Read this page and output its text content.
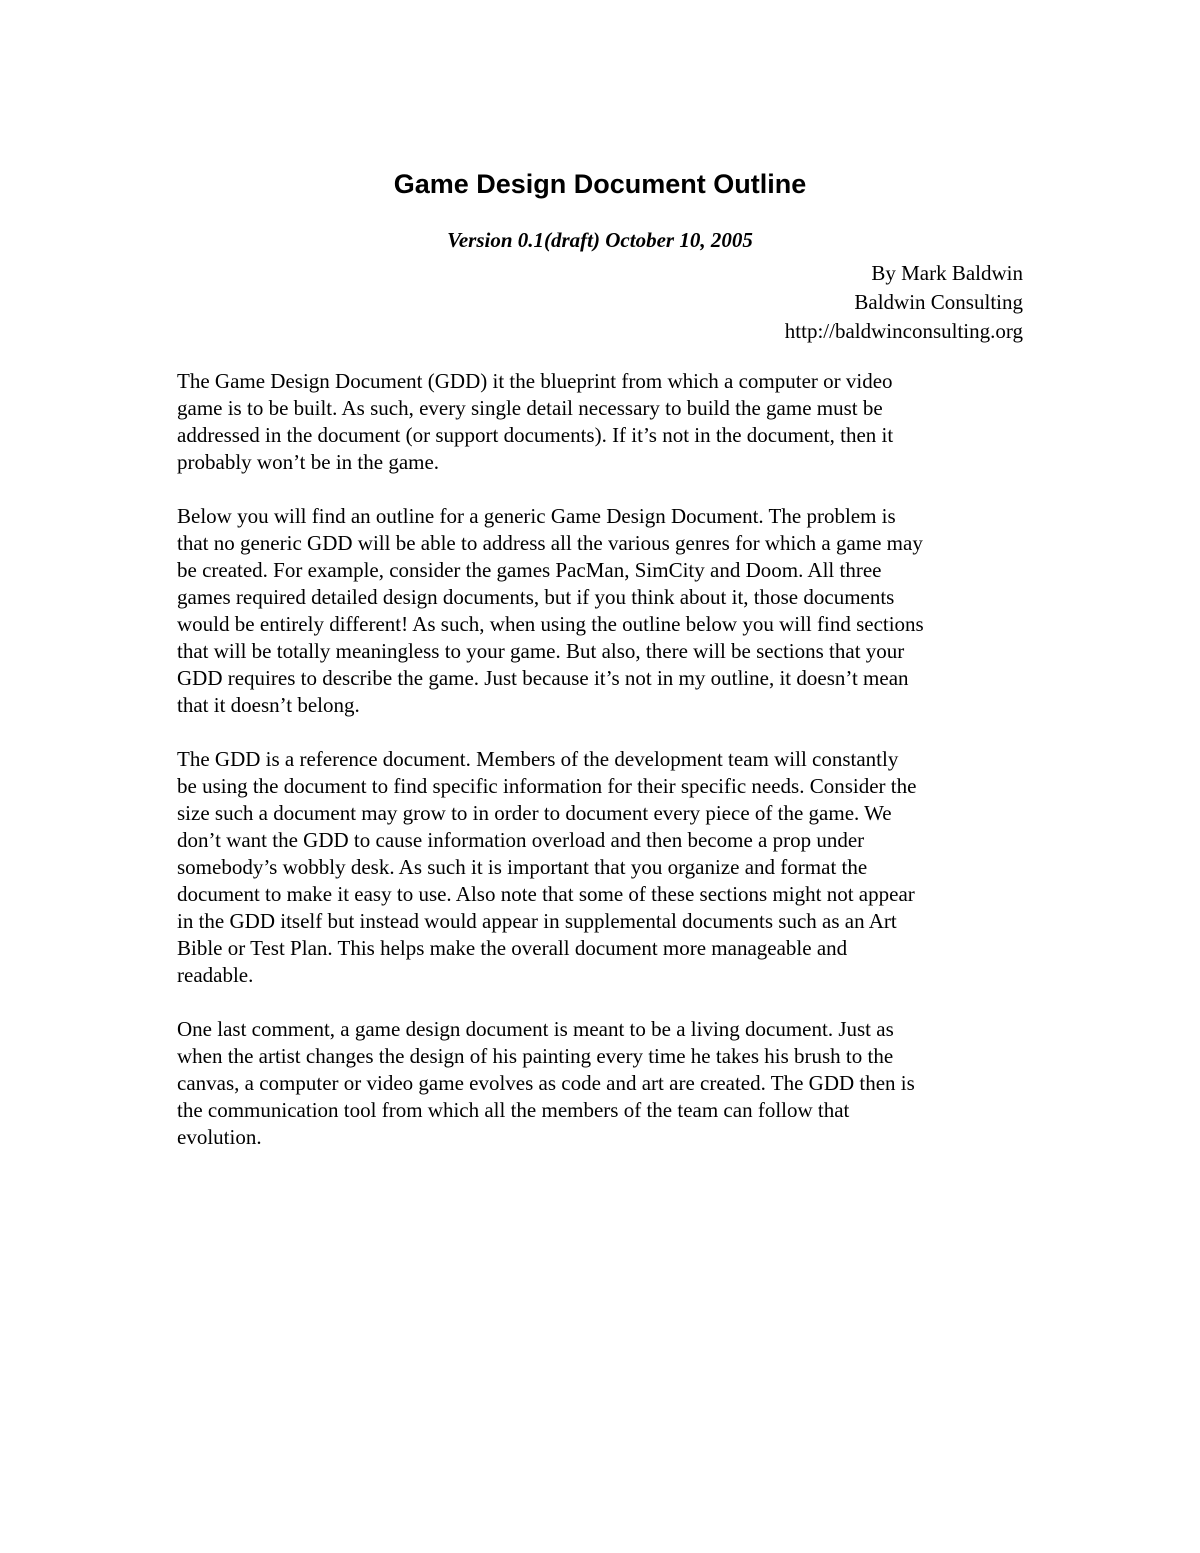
Game Design Document Outline
Version 0.1(draft) October 10, 2005
By Mark Baldwin
Baldwin Consulting
http://baldwinconsulting.org

The Game Design Document (GDD) it the blueprint from which a computer or video
game is to be built. As such, every single detail necessary to build the game must be
addressed in the document (or support documents). If it’s not in the document, then it
probably won’t be in the game.

Below you will find an outline for a generic Game Design Document. The problem is
that no generic GDD will be able to address all the various genres for which a game may
be created. For example, consider the games PacMan, SimCity and Doom. All three
games required detailed design documents, but if you think about it, those documents
would be entirely different! As such, when using the outline below you will find sections
that will be totally meaningless to your game. But also, there will be sections that your
GDD requires to describe the game. Just because it’s not in my outline, it doesn’t mean
that it doesn’t belong.

The GDD is a reference document. Members of the development team will constantly
be using the document to find specific information for their specific needs. Consider the
size such a document may grow to in order to document every piece of the game. We
don’t want the GDD to cause information overload and then become a prop under
somebody’s wobbly desk. As such it is important that you organize and format the
document to make it easy to use. Also note that some of these sections might not appear
in the GDD itself but instead would appear in supplemental documents such as an Art
Bible or Test Plan. This helps make the overall document more manageable and
readable.

One last comment, a game design document is meant to be a living document. Just as
when the artist changes the design of his painting every time he takes his brush to the
canvas, a computer or video game evolves as code and art are created. The GDD then is
the communication tool from which all the members of the team can follow that
evolution.
